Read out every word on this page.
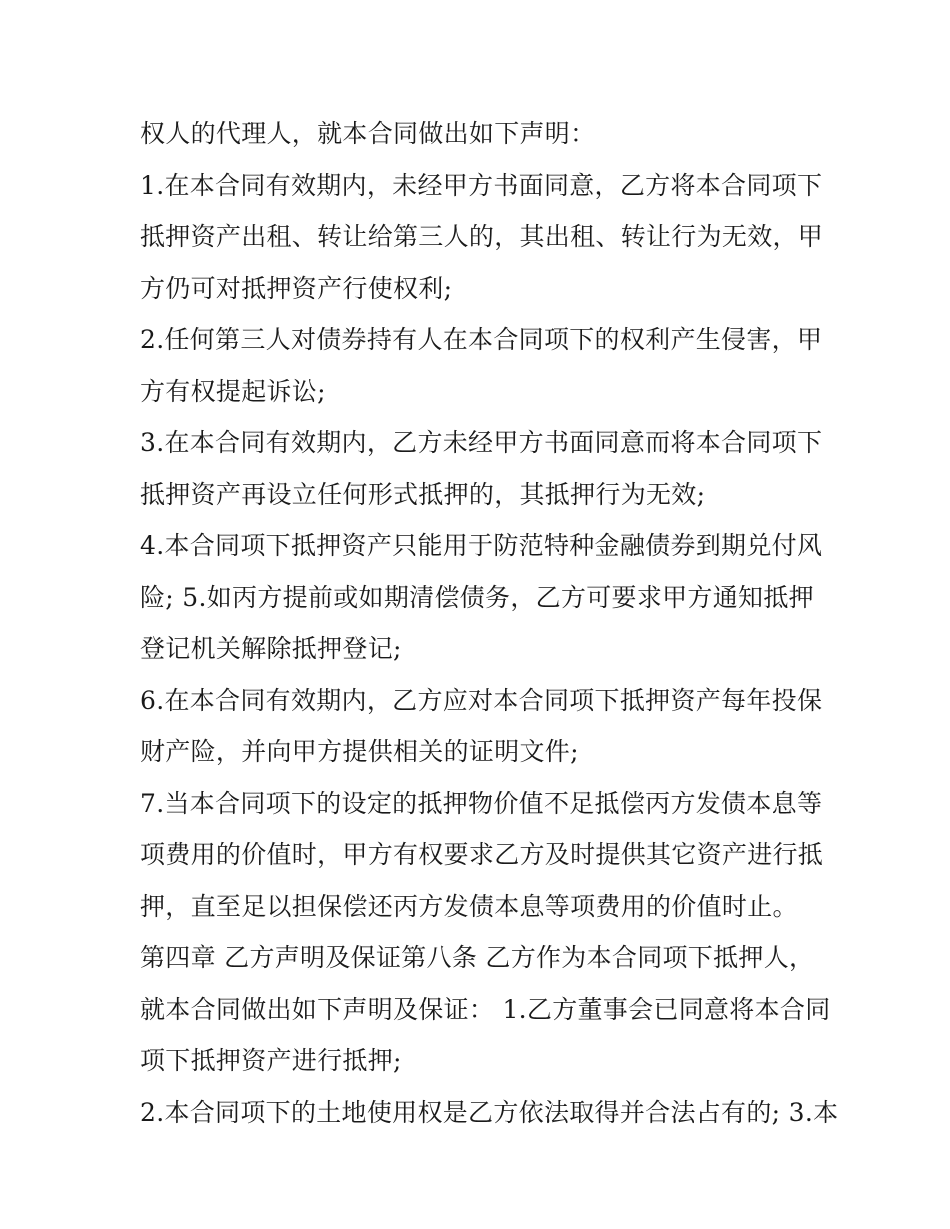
权人的代理人，就本合同做出如下声明：
1.在本合同有效期内，未经甲方书面同意，乙方将本合同项下
抵押资产出租、转让给第三人的，其出租、转让行为无效，甲
方仍可对抵押资产行使权利;
2.任何第三人对债券持有人在本合同项下的权利产生侵害，甲
方有权提起诉讼;
3.在本合同有效期内，乙方未经甲方书面同意而将本合同项下
抵押资产再设立任何形式抵押的，其抵押行为无效;
4.本合同项下抵押资产只能用于防范特种金融债券到期兑付风
险; 5.如丙方提前或如期清偿债务，乙方可要求甲方通知抵押
登记机关解除抵押登记;
6.在本合同有效期内，乙方应对本合同项下抵押资产每年投保
财产险，并向甲方提供相关的证明文件;
7.当本合同项下的设定的抵押物价值不足抵偿丙方发债本息等
项费用的价值时，甲方有权要求乙方及时提供其它资产进行抵
押，直至足以担保偿还丙方发债本息等项费用的价值时止。
第四章 乙方声明及保证第八条 乙方作为本合同项下抵押人，
就本合同做出如下声明及保证： 1.乙方董事会已同意将本合同
项下抵押资产进行抵押;
2.本合同项下的土地使用权是乙方依法取得并合法占有的; 3.本
